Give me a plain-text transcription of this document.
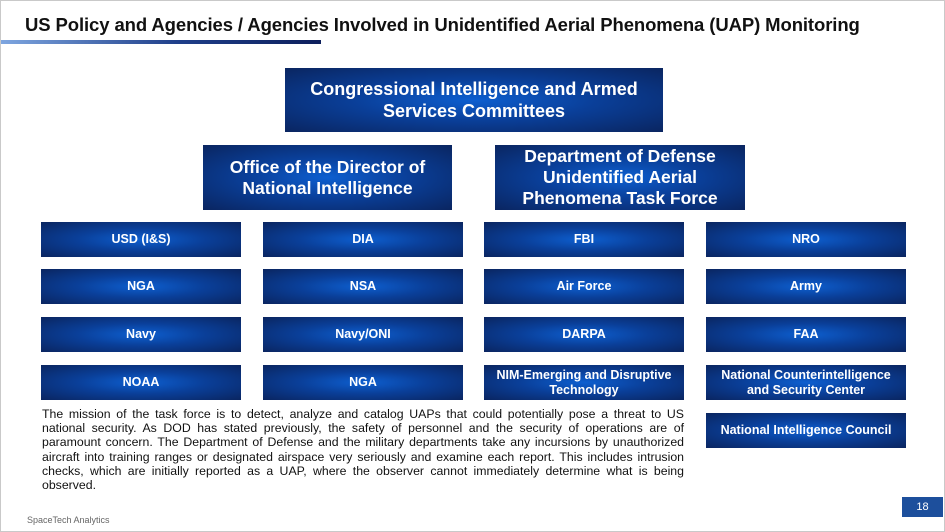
US Policy and Agencies / Agencies Involved in Unidentified Aerial Phenomena (UAP) Monitoring
Congressional Intelligence and Armed Services Committees
Office of the Director of National Intelligence
Department of Defense Unidentified Aerial Phenomena Task Force
USD (I&S)	DIA	FBI	NRO
NGA	NSA	Air Force	Army
Navy	Navy/ONI	DARPA	FAA
NOAA	NGA
NIM-Emerging and Disruptive Technology
National Counterintelligence and Security Center
National Intelligence Council
The mission of the task force is to detect, analyze and catalog UAPs that could potentially pose a threat to US national security. As DOD has stated previously, the safety of personnel and the security of operations are of paramount concern. The Department of Defense and the military departments take any incursions by unauthorized aircraft into training ranges or designated airspace very seriously and examine each report. This includes intrusion checks, which are initially reported as a UAP, where the observer cannot immediately determine what is being observed.
SpaceTech Analytics
18
